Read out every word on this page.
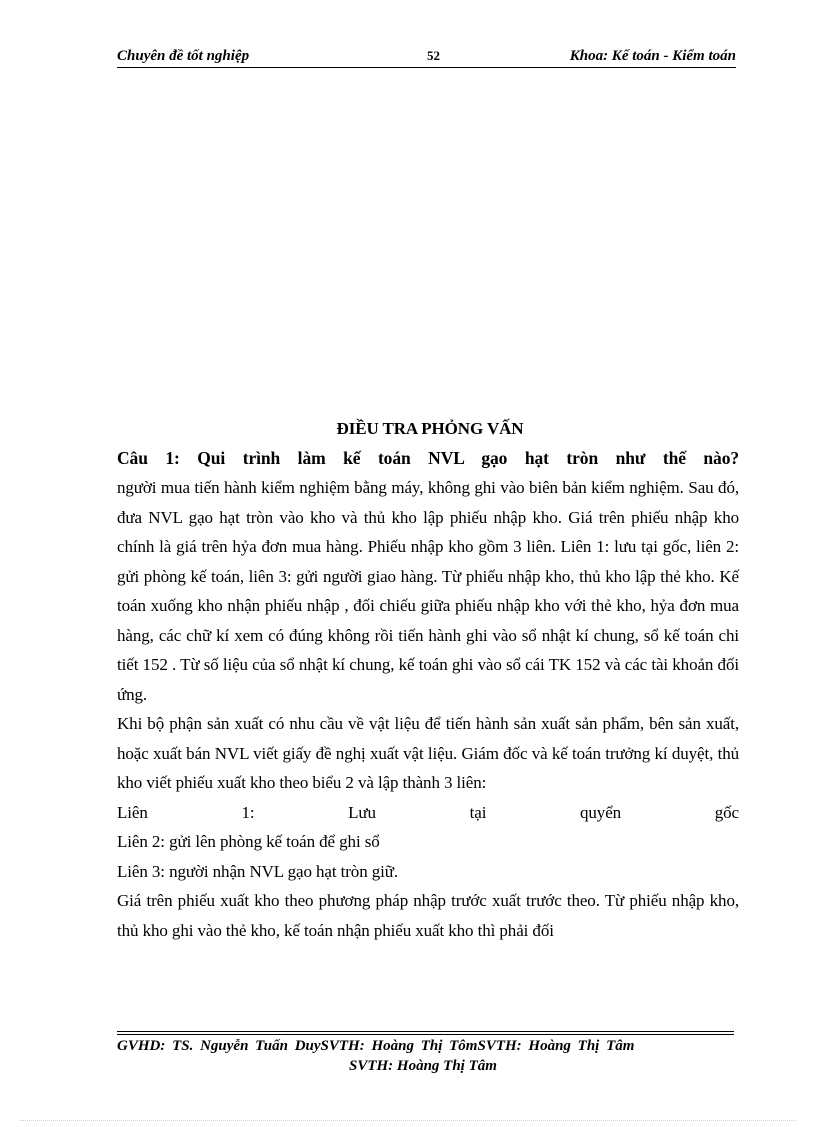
Chuyên đề tốt nghiệp	52	Khoa: Kế toán - Kiểm toán

ĐIỀU TRA PHỎNG VẤN

Câu 1: Qui trình làm kế toán NVL gạo hạt tròn như thế nào?

người mua tiến hành kiểm nghiệm bằng máy, không ghi vào biên bản kiểm nghiệm. Sau đó, đưa NVL gạo hạt tròn vào kho và thủ kho lập phiếu nhập kho. Giá trên phiếu nhập kho chính là giá trên hỷa đơn mua hàng. Phiếu nhập kho gồm 3 liên. Liên 1: lưu tại gốc, liên 2: gửi phòng kế toán, liên 3: gửi người giao hàng. Từ phiếu nhập kho, thủ kho lập thẻ kho. Kế toán xuống kho nhận phiếu nhập , đối chiếu giữa phiếu nhập kho với thẻ kho, hỷa đơn mua hàng, các chữ kí xem có đúng không rồi tiến hành ghi vào sổ nhật kí chung, sổ kế toán chi tiết 152 . Từ số liệu của sổ nhật kí chung, kế toán ghi vào sổ cái TK 152 và các tài khoản đối ứng.

Khi bộ phận sản xuất có nhu cầu về vật liệu để tiến hành sản xuất sản phẩm, bên sản xuất, hoặc xuất bán NVL viết giấy đề nghị xuất vật liệu. Giám đốc và kế toán trưởng kí duyệt, thủ kho viết phiếu xuất kho theo biểu 2 và lập thành 3 liên:

Liên	1:	Lưu	tại	quyển	gốc

Liên 2: gửi lên phòng kế toán để ghi sổ

Liên 3: người nhận NVL gạo hạt tròn giữ.

Giá trên phiếu xuất kho theo phương pháp nhập trước xuất trước theo. Từ phiếu nhập kho, thủ kho ghi vào thẻ kho, kế toán nhận phiếu xuất kho thì phải đối

GVHD: TS. Nguyễn Tuấn DuySVTH: Hoàng Thị TômSVTH: Hoàng Thị Tâm

SVTH: Hoàng Thị Tâm
